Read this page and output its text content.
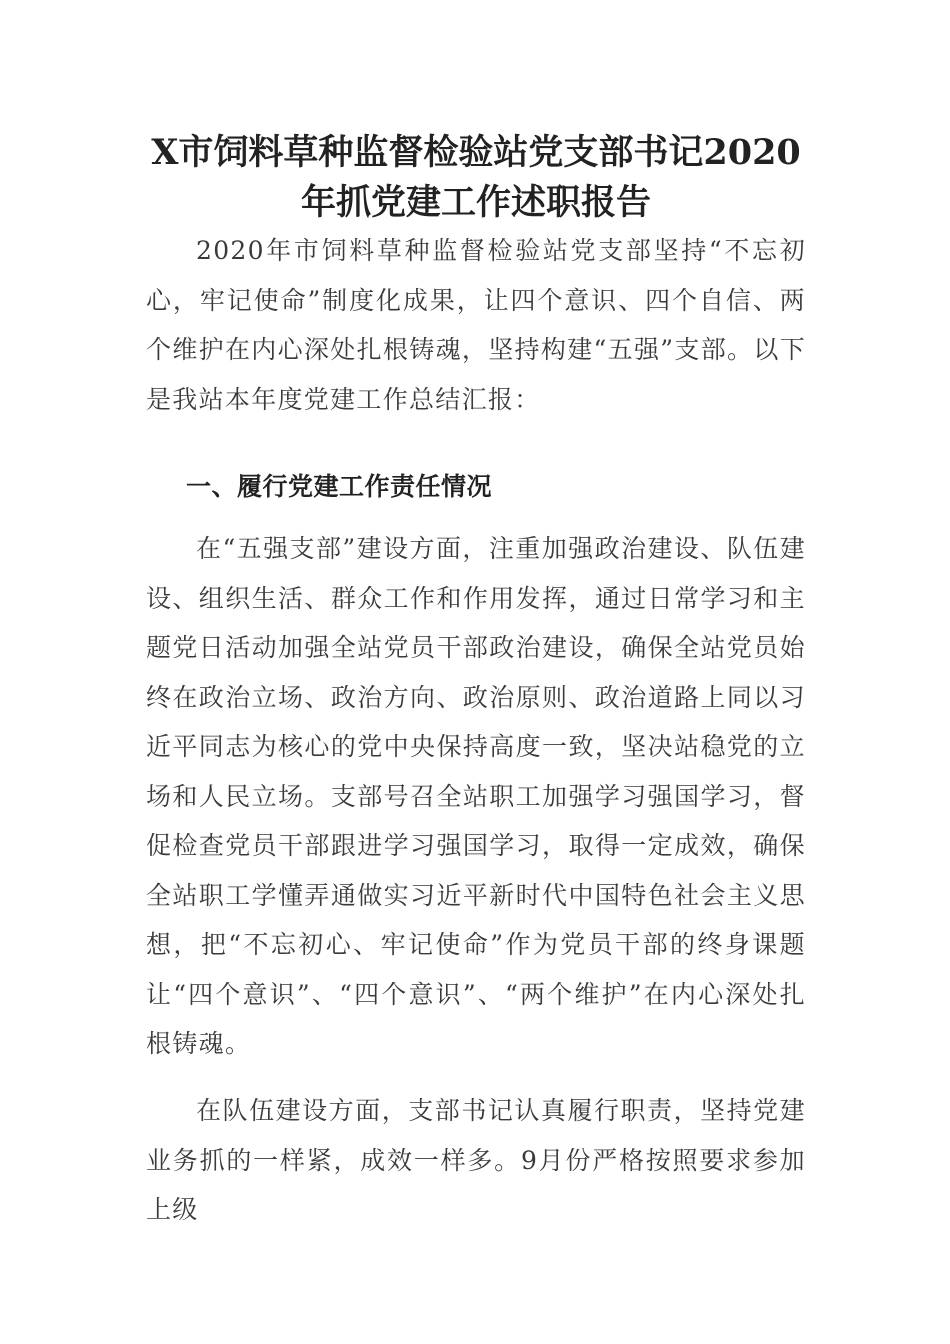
X市饲料草种监督检验站党支部书记2020年抓党建工作述职报告

2020年市饲料草种监督检验站党支部坚持“不忘初心，牢记使命”制度化成果，让四个意识、四个自信、两个维护在内心深处扎根铸魂，坚持构建“五强”支部。以下是我站本年度党建工作总结汇报：

一、履行党建工作责任情况

在“五强支部”建设方面，注重加强政治建设、队伍建设、组织生活、群众工作和作用发挥，通过日常学习和主题党日活动加强全站党员干部政治建设，确保全站党员始终在政治立场、政治方向、政治原则、政治道路上同以习近平同志为核心的党中央保持高度一致，坚决站稳党的立场和人民立场。支部号召全站职工加强学习强国学习，督促检查党员干部跟进学习强国学习，取得一定成效，确保全站职工学懂弄通做实习近平新时代中国特色社会主义思想，把“不忘初心、牢记使命”作为党员干部的终身课题让“四个意识”、“四个意识”、“两个维护”在内心深处扎根铸魂。

在队伍建设方面，支部书记认真履行职责，坚持党建业务抓的一样紧，成效一样多。9月份严格按照要求参加上级
